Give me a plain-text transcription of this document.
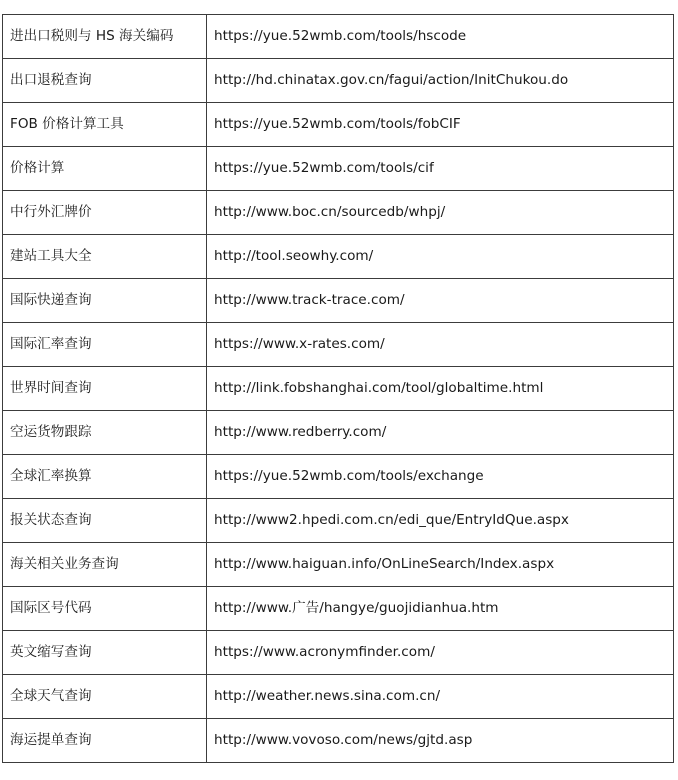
进出口税则与 HS 海关编码	https://yue.52wmb.com/tools/hscode
出口退税查询	http://hd.chinatax.gov.cn/fagui/action/InitChukou.do
FOB 价格计算工具	https://yue.52wmb.com/tools/fobCIF
价格计算	https://yue.52wmb.com/tools/cif
中行外汇牌价	http://www.boc.cn/sourcedb/whpj/
建站工具大全	http://tool.seowhy.com/
国际快递查询	http://www.track-trace.com/
国际汇率查询	https://www.x-rates.com/
世界时间查询	http://link.fobshanghai.com/tool/globaltime.html
空运货物跟踪	http://www.redberry.com/
全球汇率换算	https://yue.52wmb.com/tools/exchange
报关状态查询	http://www2.hpedi.com.cn/edi_que/EntryIdQue.aspx
海关相关业务查询	http://www.haiguan.info/OnLineSearch/Index.aspx
国际区号代码	http://www.广告/hangye/guojidianhua.htm
英文缩写查询	https://www.acronymfinder.com/
全球天气查询	http://weather.news.sina.com.cn/
海运提单查询	http://www.vovoso.com/news/gjtd.asp
